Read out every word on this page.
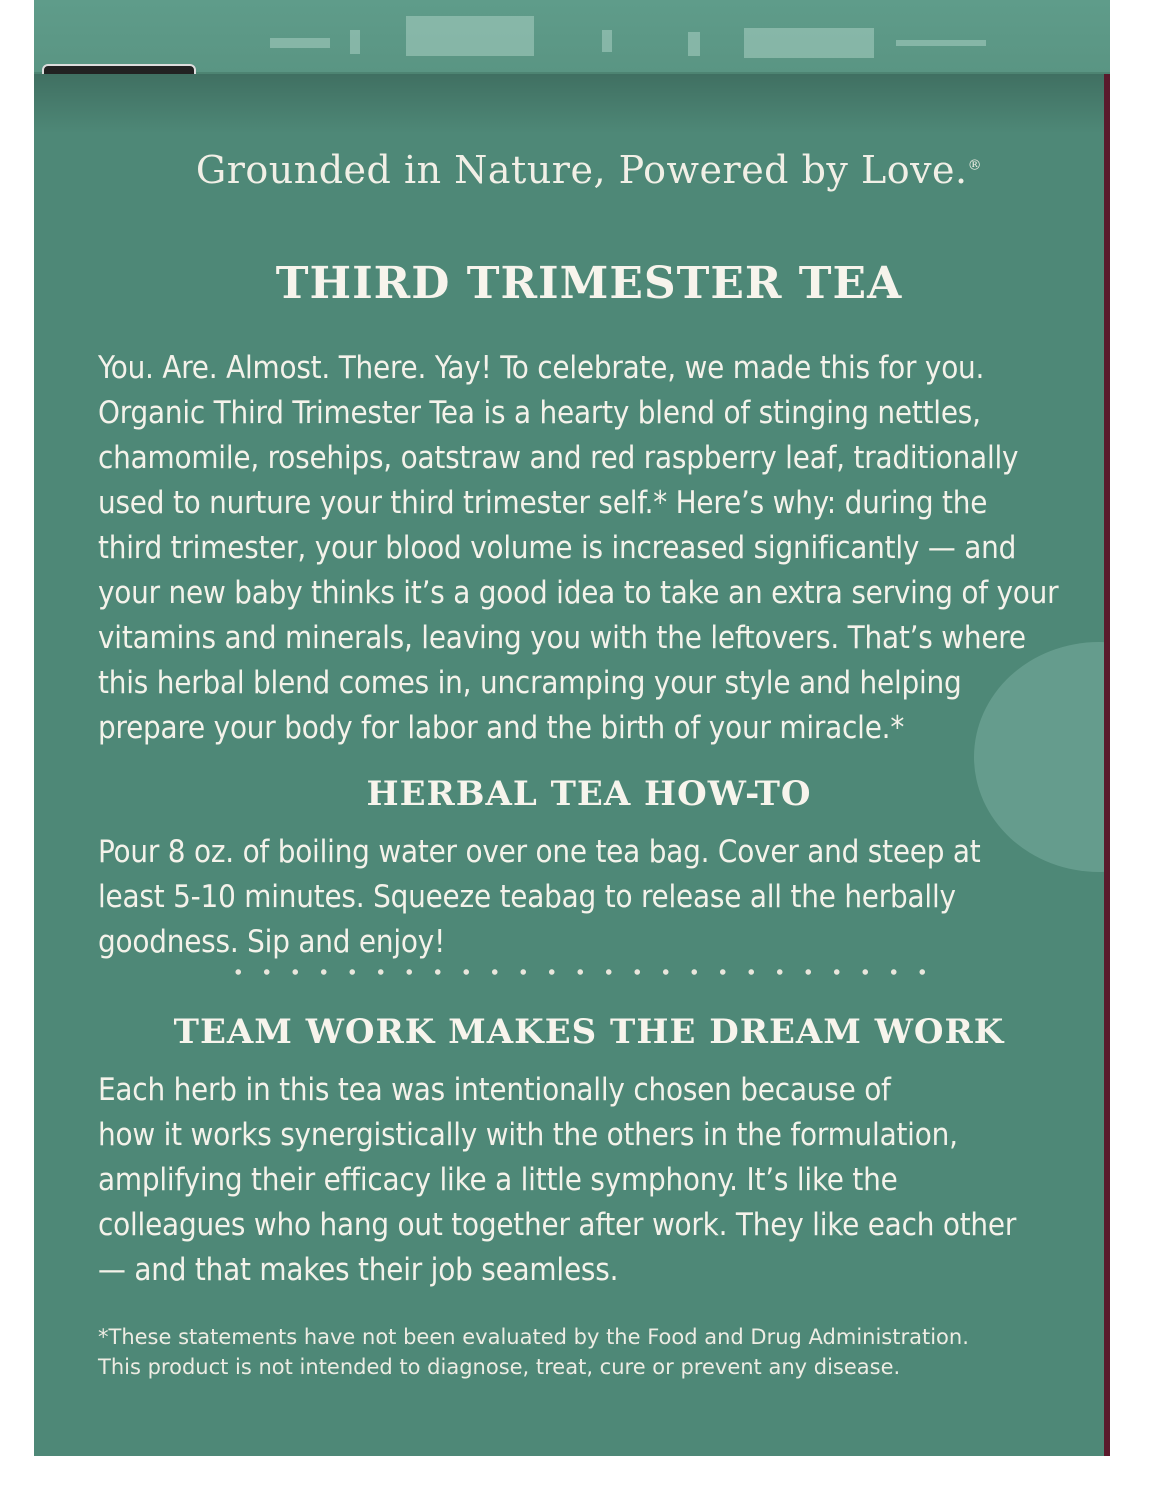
Grounded in Nature, Powered by Love.®
THIRD TRIMESTER TEA
You. Are. Almost. There. Yay! To celebrate, we made this for you.
Organic Third Trimester Tea is a hearty blend of stinging nettles,
chamomile, rosehips, oatstraw and red raspberry leaf, traditionally
used to nurture your third trimester self.* Here’s why: during the
third trimester, your blood volume is increased significantly — and
your new baby thinks it’s a good idea to take an extra serving of your
vitamins and minerals, leaving you with the leftovers. That’s where
this herbal blend comes in, uncramping your style and helping
prepare your body for labor and the birth of your miracle.*
HERBAL TEA HOW-TO
Pour 8 oz. of boiling water over one tea bag. Cover and steep at
least 5-10 minutes. Squeeze teabag to release all the herbally
goodness. Sip and enjoy!
TEAM WORK MAKES THE DREAM WORK
Each herb in this tea was intentionally chosen because of
how it works synergistically with the others in the formulation,
amplifying their efficacy like a little symphony. It’s like the
colleagues who hang out together after work. They like each other
— and that makes their job seamless.
*These statements have not been evaluated by the Food and Drug Administration.
This product is not intended to diagnose, treat, cure or prevent any disease.
